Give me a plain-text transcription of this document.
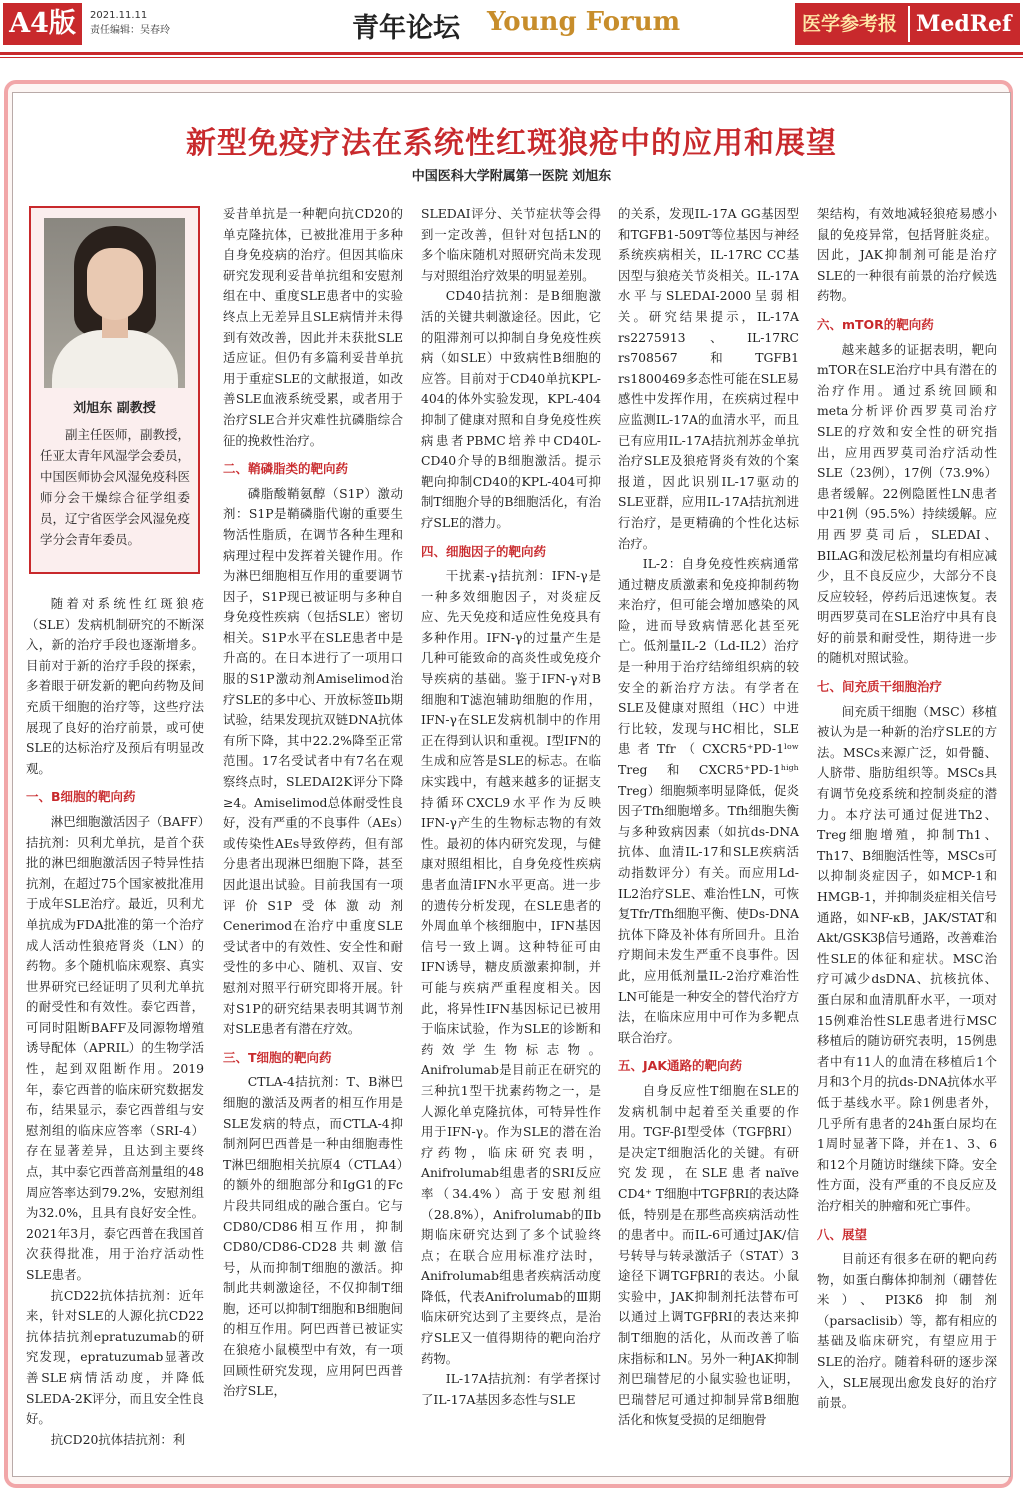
A4版	2021.11.11
责任编辑：吴春玲	青年论坛 Young Forum	医学参考报 MedRef
新型免疫疗法在系统性红斑狼疮中的应用和展望
中国医科大学附属第一医院 刘旭东
刘旭东 副教授
副主任医师，副教授，任亚太青年风湿学会委员，中国医师协会风湿免疫科医师分会干燥综合征学组委员，辽宁省医学会风湿免疫学分会青年委员。

随着对系统性红斑狼疮（SLE）发病机制研究的不断深入，新的治疗手段也逐渐增多。目前对于新的治疗手段的探索，多着眼于研发新的靶向药物及间充质干细胞的治疗等，这些疗法展现了良好的治疗前景，或可使SLE的达标治疗及预后有明显改观。

一、B细胞的靶向药

淋巴细胞激活因子（BAFF）拮抗剂：贝利尤单抗，是首个获批的淋巴细胞激活因子特异性拮抗剂，在超过75个国家被批准用于成年SLE治疗。最近，贝利尤单抗成为FDA批准的第一个治疗成人活动性狼疮肾炎（LN）的药物。多个随机临床观察、真实世界研究已经证明了贝利尤单抗的耐受性和有效性。泰它西普，可同时阻断BAFF及同源物增殖诱导配体（APRIL）的生物学活性，起到双阻断作用。2019年，泰它西普的临床研究数据发布，结果显示，泰它西普组与安慰剂组的临床应答率（SRI-4）存在显著差异，且达到主要终点，其中泰它西普高剂量组的48周应答率达到79.2%，安慰剂组为32.0%，且具有良好安全性。2021年3月，泰它西普在我国首次获得批准，用于治疗活动性SLE患者。

抗CD22抗体拮抗剂：近年来，针对SLE的人源化抗CD22抗体拮抗剂epratuzumab的研究发现，epratuzumab显著改善SLE病情活动度，并降低SLEDA-2K评分，而且安全性良好。

抗CD20抗体拮抗剂：利

妥昔单抗是一种靶向抗CD20的单克隆抗体，已被批准用于多种自身免疫病的治疗。但因其临床研究发现利妥昔单抗组和安慰剂组在中、重度SLE患者中的实验终点上无差异且SLE病情并未得到有效改善，因此并未获批SLE适应证。但仍有多篇利妥昔单抗用于重症SLE的文献报道，如改善SLE血液系统受累，或者用于治疗SLE合并灾难性抗磷脂综合征的挽救性治疗。

二、鞘磷脂类的靶向药

磷脂酸鞘氨醇（S1P）激动剂：S1P是鞘磷脂代谢的重要生物活性脂质，在调节各种生理和病理过程中发挥着关键作用。作为淋巴细胞相互作用的重要调节因子，S1P现已被证明与多种自身免疫性疾病（包括SLE）密切相关。S1P水平在SLE患者中是升高的。在日本进行了一项用口服的S1P激动剂Amiselimod治疗SLE的多中心、开放标签Ⅱb期试验，结果发现抗双链DNA抗体有所下降，其中22.2%降至正常范围。17名受试者中有7名在观察终点时，SLEDAI2K评分下降≥4。Amiselimod总体耐受性良好，没有严重的不良事件（AEs）或传染性AEs导致停药，但有部分患者出现淋巴细胞下降，甚至因此退出试验。目前我国有一项评价S1P受体激动剂Cenerimod在治疗中重度SLE受试者中的有效性、安全性和耐受性的多中心、随机、双盲、安慰剂对照平行研究即将开展。针对S1P的研究结果表明其调节剂对SLE患者有潜在疗效。

三、T细胞的靶向药

CTLA-4拮抗剂：T、B淋巴细胞的激活及两者的相互作用是SLE发病的特点，而CTLA-4抑制剂阿巴西普是一种由细胞毒性T淋巴细胞相关抗原4（CTLA4）的额外的细胞部分和IgG1的Fc片段共同组成的融合蛋白。它与CD80/CD86相互作用，抑制CD80/CD86-CD28共刺激信号，从而抑制T细胞的激活。抑制此共刺激途径，不仅抑制T细胞，还可以抑制T细胞和B细胞间的相互作用。阿巴西普已被证实在狼疮小鼠模型中有效，有一项回顾性研究发现，应用阿巴西普治疗SLE，

SLEDAI评分、关节症状等会得到一定改善，但针对包括LN的多个临床随机对照研究尚未发现与对照组治疗效果的明显差别。

CD40拮抗剂：是B细胞激活的关键共刺激途径。因此，它的阻滞剂可以抑制自身免疫性疾病（如SLE）中致病性B细胞的应答。目前对于CD40单抗KPL-404的体外实验发现，KPL-404抑制了健康对照和自身免疫性疾病患者PBMC培养中CD40L-CD40介导的B细胞激活。提示靶向抑制CD40的KPL-404可抑制T细胞介导的B细胞活化，有治疗SLE的潜力。

四、细胞因子的靶向药

干扰素-γ拮抗剂：IFN-γ是一种多效细胞因子，对炎症反应、先天免疫和适应性免疫具有多种作用。IFN-γ的过量产生是几种可能致命的高炎性或免疫介导疾病的基础。鉴于IFN-γ对B细胞和T滤泡辅助细胞的作用，IFN-γ在SLE发病机制中的作用正在得到认识和重视。Ⅰ型IFN的生成和应答是SLE的标志。在临床实践中，有越来越多的证据支持循环CXCL9水平作为反映IFN-γ产生的生物标志物的有效性。最初的体内研究发现，与健康对照组相比，自身免疫性疾病患者血清IFN水平更高。进一步的遗传分析发现，在SLE患者的外周血单个核细胞中，IFN基因信号一致上调。这种特征可由IFN诱导，糖皮质激素抑制，并可能与疾病严重程度相关。因此，将异性IFN基因标记已被用于临床试验，作为SLE的诊断和药效学生物标志物。Anifrolumab是目前正在研究的三种抗1型干扰素药物之一，是人源化单克隆抗体，可特异性作用于IFN-γ。作为SLE的潜在治疗药物，临床研究表明，Anifrolumab组患者的SRI反应率（34.4%）高于安慰剂组（28.8%），Anifrolumab的Ⅱb期临床研究达到了多个试验终点；在联合应用标准疗法时，Anifrolumab组患者疾病活动度降低，代表Anifrolumab的Ⅲ期临床研究达到了主要终点，是治疗SLE又一值得期待的靶向治疗药物。

IL-17A拮抗剂：有学者探讨了IL-17A基因多态性与SLE

的关系，发现IL-17A GG基因型和TGFB1-509T等位基因与神经系统疾病相关，IL-17RC CC基因型与狼疮关节炎相关。IL-17A水平与SLEDAI-2000呈弱相关。研究结果提示，IL-17A rs2275913、IL-17RC rs708567和TGFB1 rs1800469多态性可能在SLE易感性中发挥作用，在疾病过程中应监测IL-17A的血清水平，而且已有应用IL-17A拮抗剂苏金单抗治疗SLE及狼疮肾炎有效的个案报道，因此识别IL-17驱动的SLE亚群，应用IL-17A拮抗剂进行治疗，是更精确的个性化达标治疗。

IL-2：自身免疫性疾病通常通过糖皮质激素和免疫抑制药物来治疗，但可能会增加感染的风险，进而导致病情恶化甚至死亡。低剂量IL-2（Ld-IL2）治疗是一种用于治疗结缔组织病的较安全的新治疗方法。有学者在SLE及健康对照组（HC）中进行比较，发现与HC相比，SLE患者Tfr（CXCR5⁺PD-1ˡᵒʷ Treg和CXCR5⁺PD-1ʰⁱᵍʰ Treg）细胞频率明显降低，促炎因子Tfh细胞增多。Tfh细胞失衡与多种致病因素（如抗ds-DNA抗体、血清IL-17和SLE疾病活动指数评分）有关。而应用Ld-IL2治疗SLE、难治性LN，可恢复Tfr/Tfh细胞平衡、使Ds-DNA抗体下降及补体有所回升。且治疗期间未发生严重不良事件。因此，应用低剂量IL-2治疗难治性LN可能是一种安全的替代治疗方法，在临床应用中可作为多靶点联合治疗。

五、JAK通路的靶向药

自身反应性T细胞在SLE的发病机制中起着至关重要的作用。TGF-βⅠ型受体（TGFβRI）是决定T细胞活化的关键。有研究发现，在SLE患者naïve CD4⁺ T细胞中TGFβRI的表达降低，特别是在那些高疾病活动性的患者中。而IL-6可通过JAK/信号转导与转录激活子（STAT）3途径下调TGFβRI的表达。小鼠实验中，JAK抑制剂托法替布可以通过上调TGFβRI的表达来抑制T细胞的活化，从而改善了临床指标和LN。另外一种JAK抑制剂巴瑞替尼的小鼠实验也证明，巴瑞替尼可通过抑制异常B细胞活化和恢复受损的足细胞骨

架结构，有效地减轻狼疮易感小鼠的免疫异常，包括肾脏炎症。因此，JAK抑制剂可能是治疗SLE的一种很有前景的治疗候选药物。

六、mTOR的靶向药

越来越多的证据表明，靶向mTOR在SLE治疗中具有潜在的治疗作用。通过系统回顾和meta分析评价西罗莫司治疗SLE的疗效和安全性的研究指出，应用西罗莫司治疗活动性SLE（23例），17例（73.9%）患者缓解。22例隐匿性LN患者中21例（95.5%）持续缓解。应用西罗莫司后，SLEDAI、BILAG和泼尼松剂量均有相应减少，且不良反应少，大部分不良反应较轻，停药后迅速恢复。表明西罗莫司在SLE治疗中具有良好的前景和耐受性，期待进一步的随机对照试验。

七、间充质干细胞治疗

间充质干细胞（MSC）移植被认为是一种新的治疗SLE的方法。MSCs来源广泛，如骨髓、人脐带、脂肪组织等。MSCs具有调节免疫系统和控制炎症的潜力。本疗法可通过促进Th2、Treg细胞增殖，抑制Th1、Th17、B细胞活性等，MSCs可以抑制炎症因子，如MCP-1和HMGB-1，并抑制炎症相关信号通路，如NF-κB，JAK/STAT和Akt/GSK3β信号通路，改善难治性SLE的体征和症状。MSC治疗可减少dsDNA、抗核抗体、蛋白尿和血清肌酐水平，一项对15例难治性SLE患者进行MSC移植后的随访研究表明，15例患者中有11人的血清在移植后1个月和3个月的抗ds-DNA抗体水平低于基线水平。除1例患者外，几乎所有患者的24h蛋白尿均在1周时显著下降，并在1、3、6和12个月随访时继续下降。安全性方面，没有严重的不良反应及治疗相关的肿瘤和死亡事件。

八、展望

目前还有很多在研的靶向药物，如蛋白酶体抑制剂（硼替佐米）、PI3Kδ抑制剂（parsaclisib）等，都有相应的基础及临床研究，有望应用于SLE的治疗。随着科研的逐步深入，SLE展现出愈发良好的治疗前景。
